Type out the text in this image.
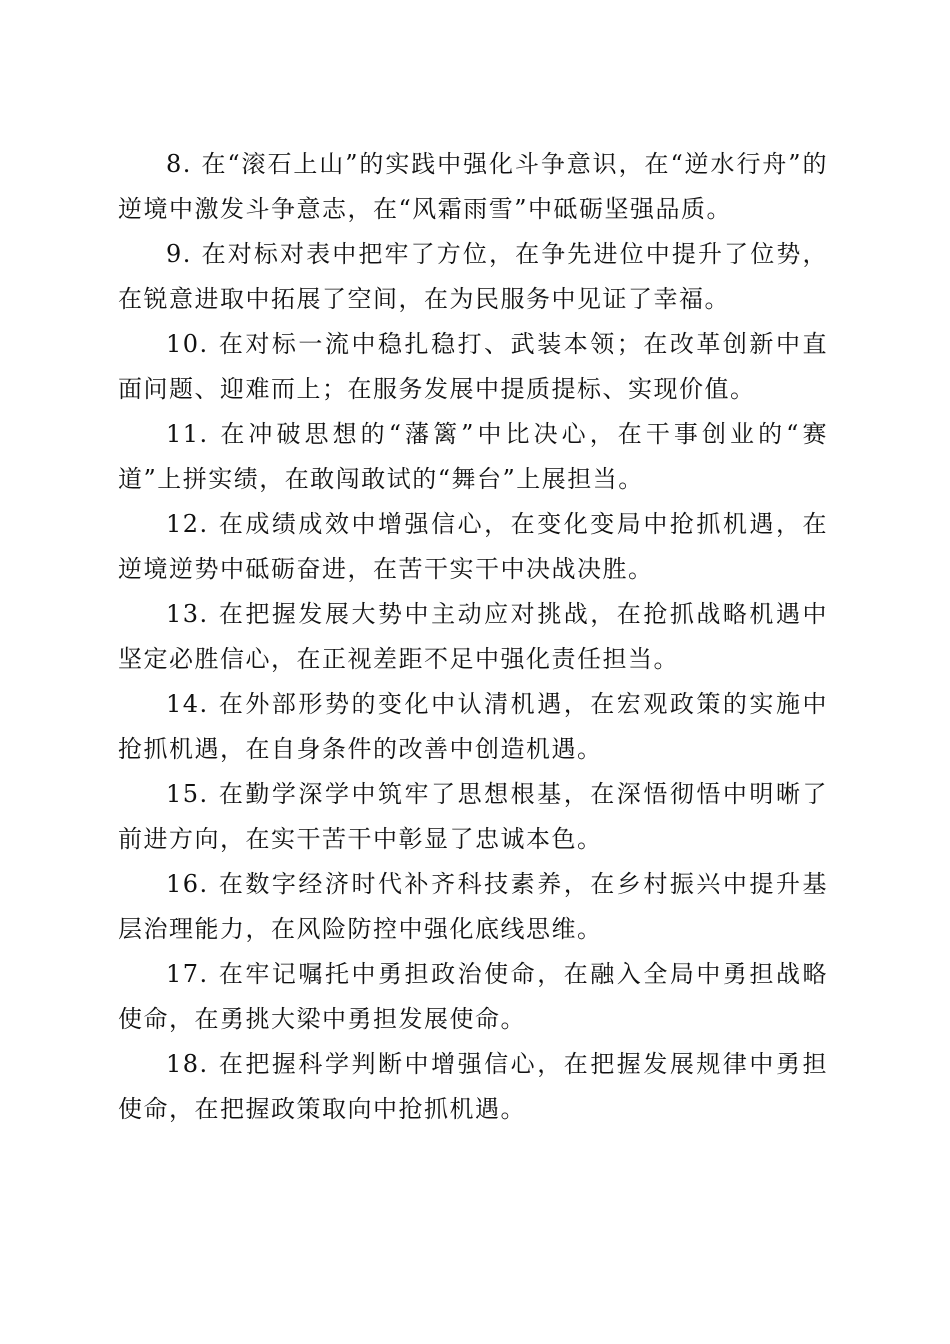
8. 在“滚石上山”的实践中强化斗争意识，在“逆水行舟”的逆境中激发斗争意志，在“风霜雨雪”中砥砺坚强品质。

9. 在对标对表中把牢了方位，在争先进位中提升了位势，在锐意进取中拓展了空间，在为民服务中见证了幸福。

10. 在对标一流中稳扎稳打、武装本领；在改革创新中直面问题、迎难而上；在服务发展中提质提标、实现价值。

11. 在冲破思想的“藩篱”中比决心，在干事创业的“赛道”上拼实绩，在敢闯敢试的“舞台”上展担当。

12. 在成绩成效中增强信心，在变化变局中抢抓机遇，在逆境逆势中砥砺奋进，在苦干实干中决战决胜。

13. 在把握发展大势中主动应对挑战，在抢抓战略机遇中坚定必胜信心，在正视差距不足中强化责任担当。

14. 在外部形势的变化中认清机遇，在宏观政策的实施中抢抓机遇，在自身条件的改善中创造机遇。

15. 在勤学深学中筑牢了思想根基，在深悟彻悟中明晰了前进方向，在实干苦干中彰显了忠诚本色。

16. 在数字经济时代补齐科技素养，在乡村振兴中提升基层治理能力，在风险防控中强化底线思维。

17. 在牢记嘱托中勇担政治使命，在融入全局中勇担战略使命，在勇挑大梁中勇担发展使命。

18. 在把握科学判断中增强信心，在把握发展规律中勇担使命，在把握政策取向中抢抓机遇。
